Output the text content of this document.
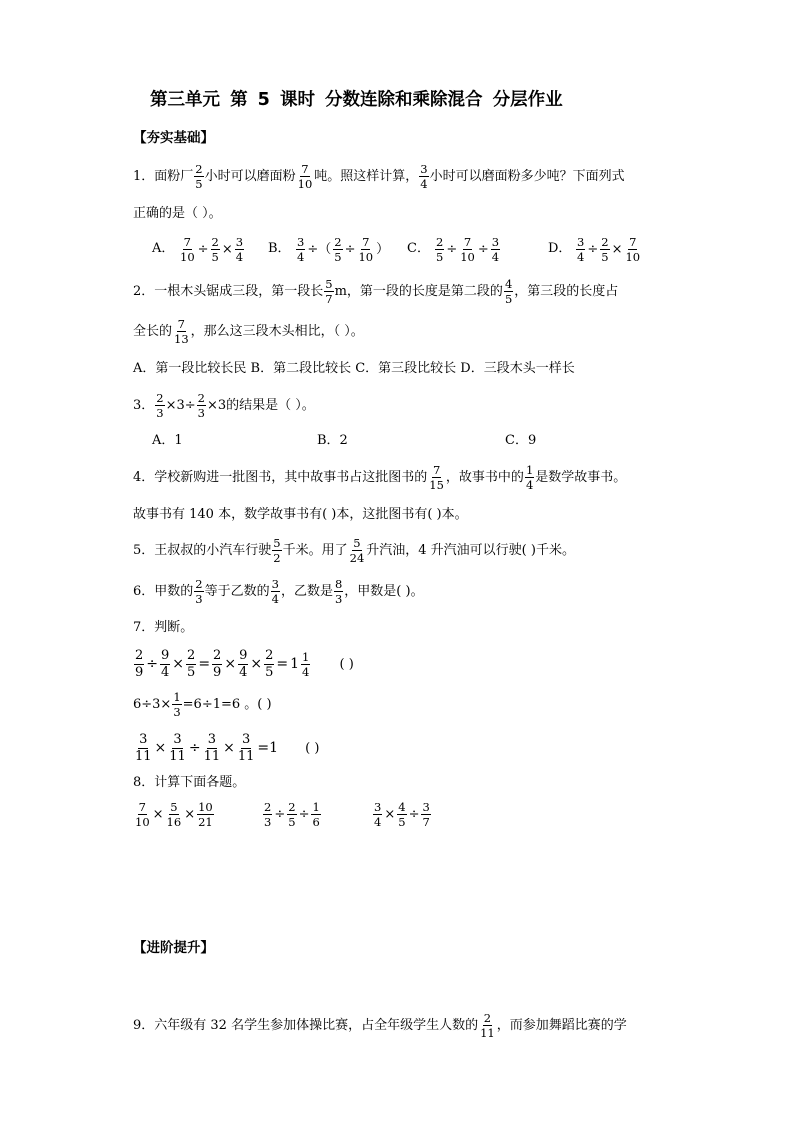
第三单元 第 5 课时 分数连除和乘除混合 分层作业
【夯实基础】
1．面粉厂 $\frac{2}{5}$ 小时可以磨面粉 $\frac{7}{10}$ 吨。照这样计算， $\frac{3}{4}$ 小时可以磨面粉多少吨？下面列式
正确的是（ ）。
A． $\frac{7}{10} \div \frac{2}{5} \times \frac{3}{4}$ B． $\frac{3}{4}$ ÷（ $\frac{2}{5} \div \frac{7}{10}$ ） C． $\frac{2}{5} \div \frac{7}{10} \div \frac{3}{4}$	D． $\frac{3}{4} \div \frac{2}{5} \times \frac{7}{10}$
2．一根木头锯成三段，第一段长 $\frac{5}{7}$ m，第一段的长度是第二段的 $\frac{4}{5}$ ，第三段的长度占
全长的 $\frac{7}{13}$ ，那么这三段木头相比，（ ）。
A．第一段比较长民 B．第二段比较长 C．第三段比较长 D．三段木头一样长
3． $\frac{2}{3} \times 3\div \frac{2}{3} \times 3$的结果是（ ）。
A．1	B．2	C．9
4．学校新购进一批图书，其中故事书占这批图书的 $\frac{7}{15}$ ，故事书中的 $\frac{1}{4}$ 是数学故事书。
故事书有 140 本，数学故事书有( )本，这批图书有( )本。
5．王叔叔的小汽车行驶 $\frac{5}{2}$ 千米。用了 $\frac{5}{24}$ 升汽油，4 升汽油可以行驶( )千米。
6．甲数的 $\frac{2}{3}$ 等于乙数的 $\frac{3}{4}$ ，乙数是 $\frac{8}{3}$ ，甲数是( )。
7．判断。
$\frac{2}{9} \div \frac{9}{4} \times \frac{2}{5} = \frac{2}{9} \times \frac{9}{4} \times \frac{2}{5} = 1 \frac{1}{4}$ ( )
$6\div 3\times \frac{1}{3} =6\div 1=6$ 。( )
$\frac{3}{11} \times \frac{3}{11} \div \frac{3}{11} \times \frac{3}{11} =1$ ( )
8．计算下面各题。
$\frac{7}{10} \times \frac{5}{16} \times \frac{10}{21}$	$\frac{2}{3} \div \frac{2}{5} \div \frac{1}{6}$	$\frac{3}{4} \times \frac{4}{5} \div \frac{3}{7}$
【进阶提升】
9．六年级有 32 名学生参加体操比赛，占全年级学生人数的 $\frac{2}{11}$ ，而参加舞蹈比赛的学
